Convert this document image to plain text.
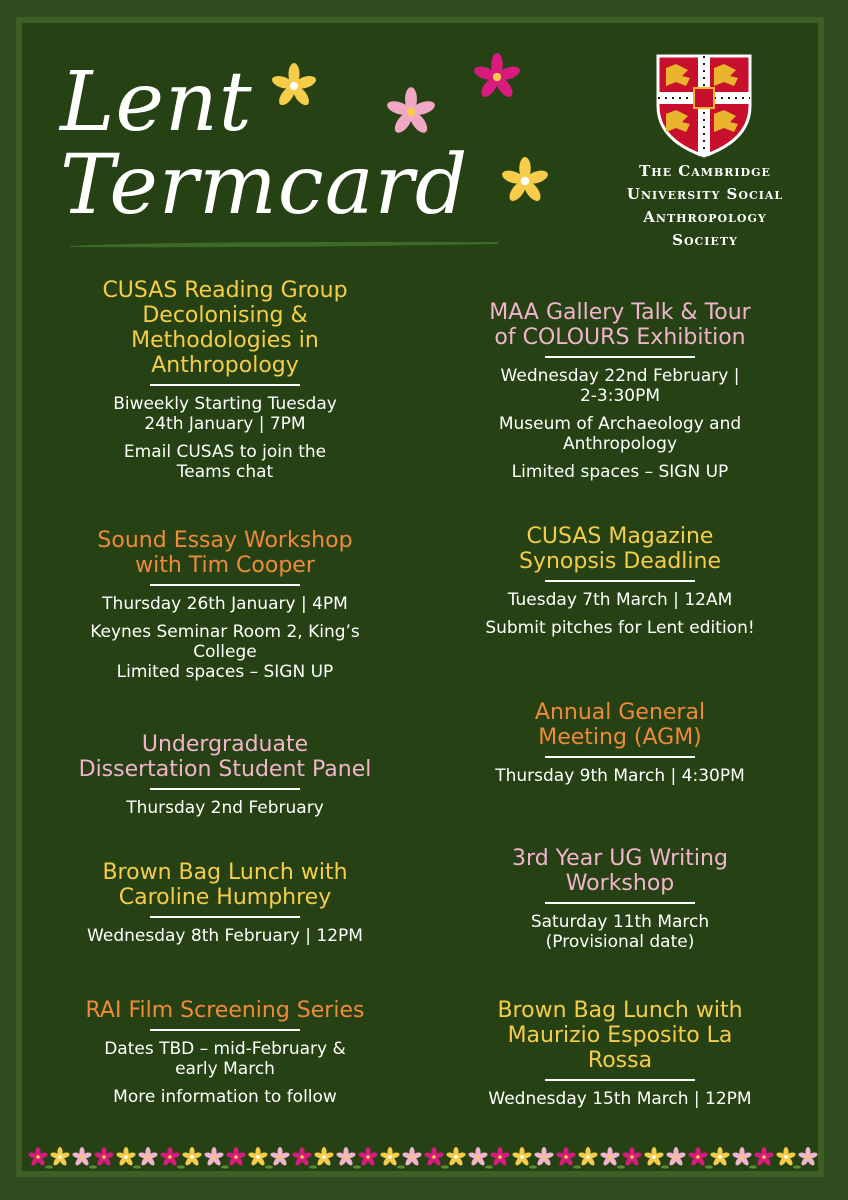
Lent
Termcard	The Cambridge
University Social
Anthropology
Society
CUSAS Reading Group
Decolonising &
Methodologies in
Anthropology
Biweekly Starting Tuesday
24th January | 7PM
Email CUSAS to join the
Teams chat
Sound Essay Workshop
with Tim Cooper
Thursday 26th January | 4PM
Keynes Seminar Room 2, King’s
College
Limited spaces – SIGN UP
Undergraduate
Dissertation Student Panel
Thursday 2nd February
Brown Bag Lunch with
Caroline Humphrey
Wednesday 8th February | 12PM
RAI Film Screening Series
Dates TBD – mid-February &
early March
More information to follow
MAA Gallery Talk & Tour
of COLOURS Exhibition
Wednesday 22nd February |
2-3:30PM
Museum of Archaeology and
Anthropology
Limited spaces – SIGN UP
CUSAS Magazine
Synopsis Deadline
Tuesday 7th March | 12AM
Submit pitches for Lent edition!
Annual General
Meeting (AGM)
Thursday 9th March | 4:30PM
3rd Year UG Writing
Workshop
Saturday 11th March
(Provisional date)
Brown Bag Lunch with
Maurizio Esposito La
Rossa
Wednesday 15th March | 12PM
